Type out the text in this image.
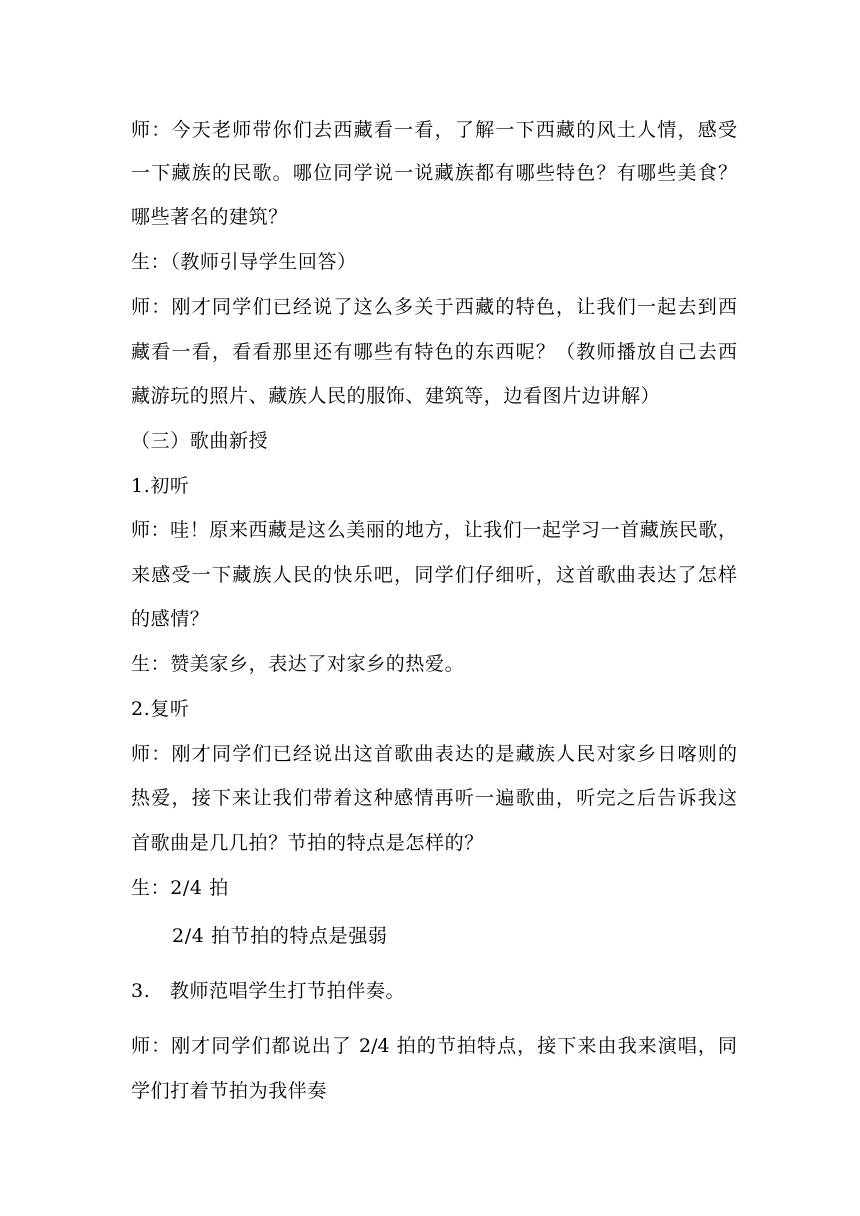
师：今天老师带你们去西藏看一看，了解一下西藏的风土人情，感受
一下藏族的民歌。哪位同学说一说藏族都有哪些特色？有哪些美食？
哪些著名的建筑？
生：（教师引导学生回答）
师：刚才同学们已经说了这么多关于西藏的特色，让我们一起去到西
藏看一看，看看那里还有哪些有特色的东西呢？（教师播放自己去西
藏游玩的照片、藏族人民的服饰、建筑等，边看图片边讲解）
（三）歌曲新授
1.初听
师：哇！原来西藏是这么美丽的地方，让我们一起学习一首藏族民歌，
来感受一下藏族人民的快乐吧，同学们仔细听，这首歌曲表达了怎样
的感情？
生：赞美家乡，表达了对家乡的热爱。
2.复听
师：刚才同学们已经说出这首歌曲表达的是藏族人民对家乡日喀则的
热爱，接下来让我们带着这种感情再听一遍歌曲，听完之后告诉我这
首歌曲是几几拍？节拍的特点是怎样的？
生：2/4 拍
2/4 拍节拍的特点是强弱
3.　教师范唱学生打节拍伴奏。
师：刚才同学们都说出了 2/4 拍的节拍特点，接下来由我来演唱，同
学们打着节拍为我伴奏
